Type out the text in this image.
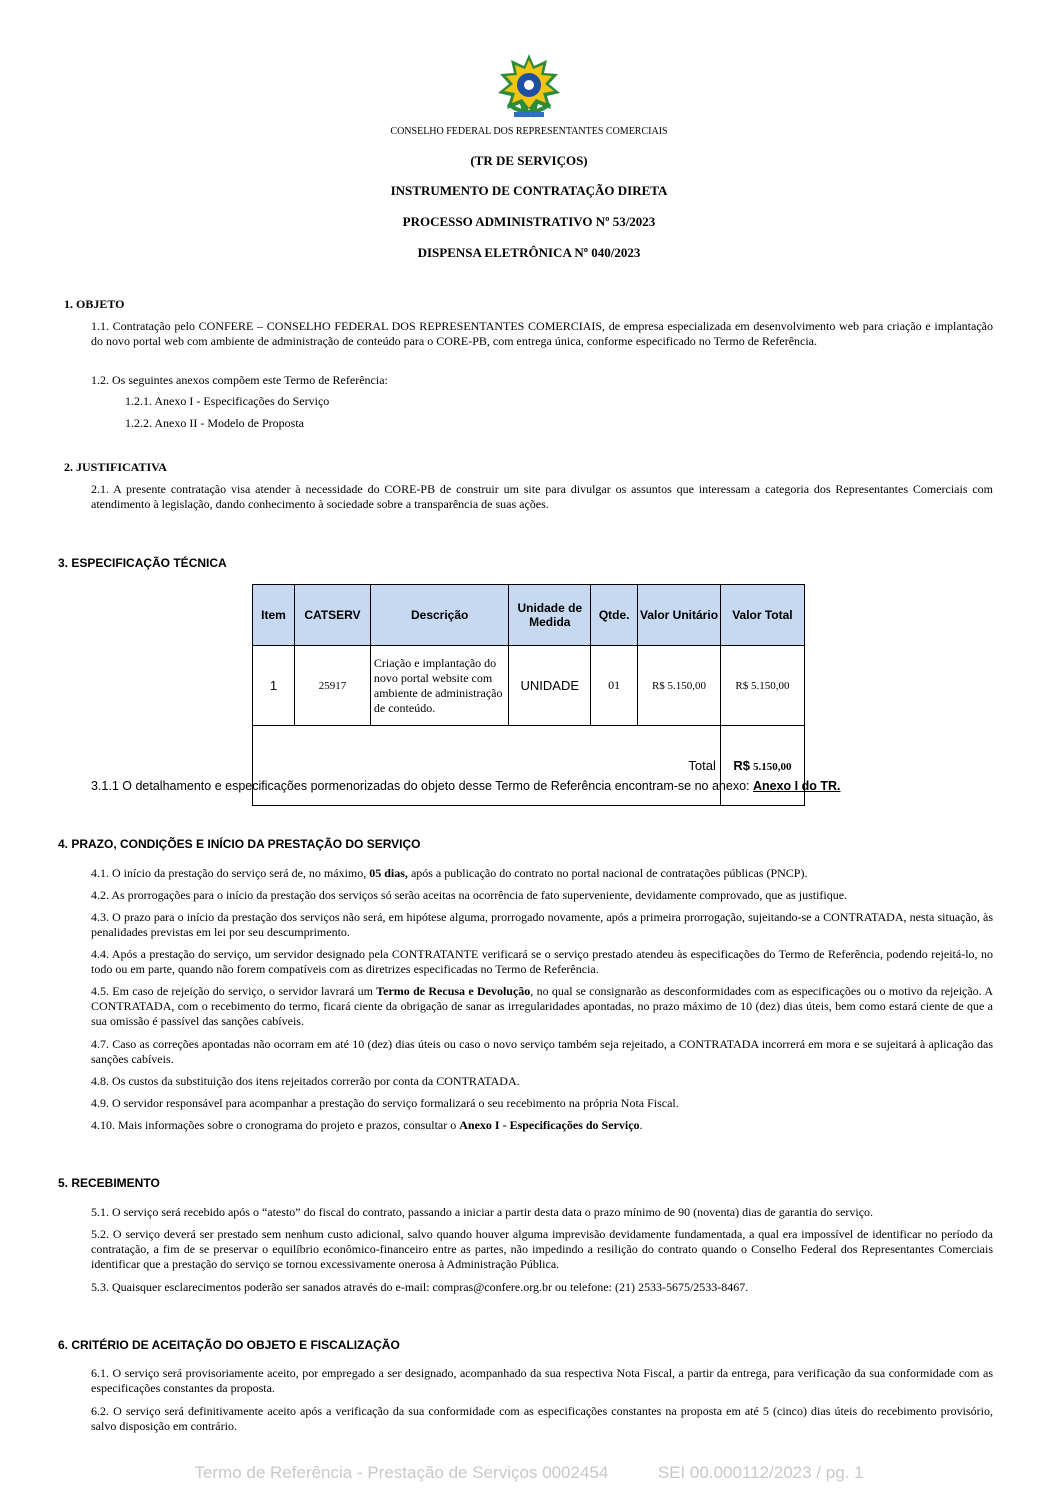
CONSELHO FEDERAL DOS REPRESENTANTES COMERCIAIS
(TR DE SERVIÇOS)
INSTRUMENTO DE CONTRATAÇÃO DIRETA
PROCESSO ADMINISTRATIVO Nº 53/2023
DISPENSA ELETRÔNICA Nº 040/2023
1. OBJETO
1.1. Contratação pelo CONFERE – CONSELHO FEDERAL DOS REPRESENTANTES COMERCIAIS, de empresa especializada em desenvolvimento web para criação e implantação do novo portal web com ambiente de administração de conteúdo para o CORE-PB, com entrega única, conforme especificado no Termo de Referência.
1.2. Os seguintes anexos compõem este Termo de Referência:
1.2.1. Anexo I - Especificações do Serviço
1.2.2. Anexo II - Modelo de Proposta
2. JUSTIFICATIVA
2.1. A presente contratação visa atender à necessidade do CORE-PB de construir um site para divulgar os assuntos que interessam a categoria dos Representantes Comerciais com atendimento à legislação, dando conhecimento à sociedade sobre a transparência de suas ações.
3. ESPECIFICAÇÃO TÉCNICA
Item	CATSERV	Descrição	Unidade de Medida	Qtde.	Valor Unitário	Valor Total
1	25917	Criação e implantação do novo portal website com ambiente de administração de conteúdo.	UNIDADE	01	R$ 5.150,00	R$ 5.150,00
Total						R$ 5.150,00
3.1.1 O detalhamento e especificações pormenorizadas do objeto desse Termo de Referência encontram-se no anexo: Anexo I do TR.
4. PRAZO, CONDIÇÕES E INÍCIO DA PRESTAÇÃO DO SERVIÇO
4.1. O início da prestação do serviço será de, no máximo, 05 dias, após a publicação do contrato no portal nacional de contratações públicas (PNCP).
4.2. As prorrogações para o início da prestação dos serviços só serão aceitas na ocorrência de fato superveniente, devidamente comprovado, que as justifique.
4.3. O prazo para o início da prestação dos serviços não será, em hipótese alguma, prorrogado novamente, após a primeira prorrogação, sujeitando-se a CONTRATADA, nesta situação, às penalidades previstas em lei por seu descumprimento.
4.4. Após a prestação do serviço, um servidor designado pela CONTRATANTE verificará se o serviço prestado atendeu às especificações do Termo de Referência, podendo rejeitá-lo, no todo ou em parte, quando não forem compatíveis com as diretrizes especificadas no Termo de Referência.
4.5. Em caso de rejeição do serviço, o servidor lavrará um Termo de Recusa e Devolução, no qual se consignarão as desconformidades com as especificações ou o motivo da rejeição. A CONTRATADA, com o recebimento do termo, ficará ciente da obrigação de sanar as irregularidades apontadas, no prazo máximo de 10 (dez) dias úteis, bem como estará ciente de que a sua omissão é passível das sanções cabíveis.
4.7. Caso as correções apontadas não ocorram em até 10 (dez) dias úteis ou caso o novo serviço também seja rejeitado, a CONTRATADA incorrerá em mora e se sujeitará à aplicação das sanções cabíveis.
4.8. Os custos da substituição dos itens rejeitados correrão por conta da CONTRATADA.
4.9. O servidor responsável para acompanhar a prestação do serviço formalizará o seu recebimento na própria Nota Fiscal.
4.10. Mais informações sobre o cronograma do projeto e prazos, consultar o Anexo I - Especificações do Serviço.
5. RECEBIMENTO
5.1. O serviço será recebido após o “atesto” do fiscal do contrato, passando a iniciar a partir desta data o prazo mínimo de 90 (noventa) dias de garantia do serviço.
5.2. O serviço deverá ser prestado sem nenhum custo adicional, salvo quando houver alguma imprevisão devidamente fundamentada, a qual era impossível de identificar no período da contratação, a fim de se preservar o equilíbrio econômico-financeiro entre as partes, não impedindo a resilição do contrato quando o Conselho Federal dos Representantes Comerciais identificar que a prestação do serviço se tornou excessivamente onerosa à Administração Pública.
5.3. Quaisquer esclarecimentos poderão ser sanados através do e-mail: compras@confere.org.br ou telefone: (21) 2533-5675/2533-8467.
6. CRITÉRIO DE ACEITAÇÃO DO OBJETO E FISCALIZAÇÃO
6.1. O serviço será provisoriamente aceito, por empregado a ser designado, acompanhado da sua respectiva Nota Fiscal, a partir da entrega, para verificação da sua conformidade com as especificações constantes da proposta.
6.2. O serviço será definitivamente aceito após a verificação da sua conformidade com as especificações constantes na proposta em até 5 (cinco) dias úteis do recebimento provisório, salvo disposição em contrário.
Termo de Referência - Prestação de Serviços 0002454	SEI 00.000112/2023 / pg. 1
